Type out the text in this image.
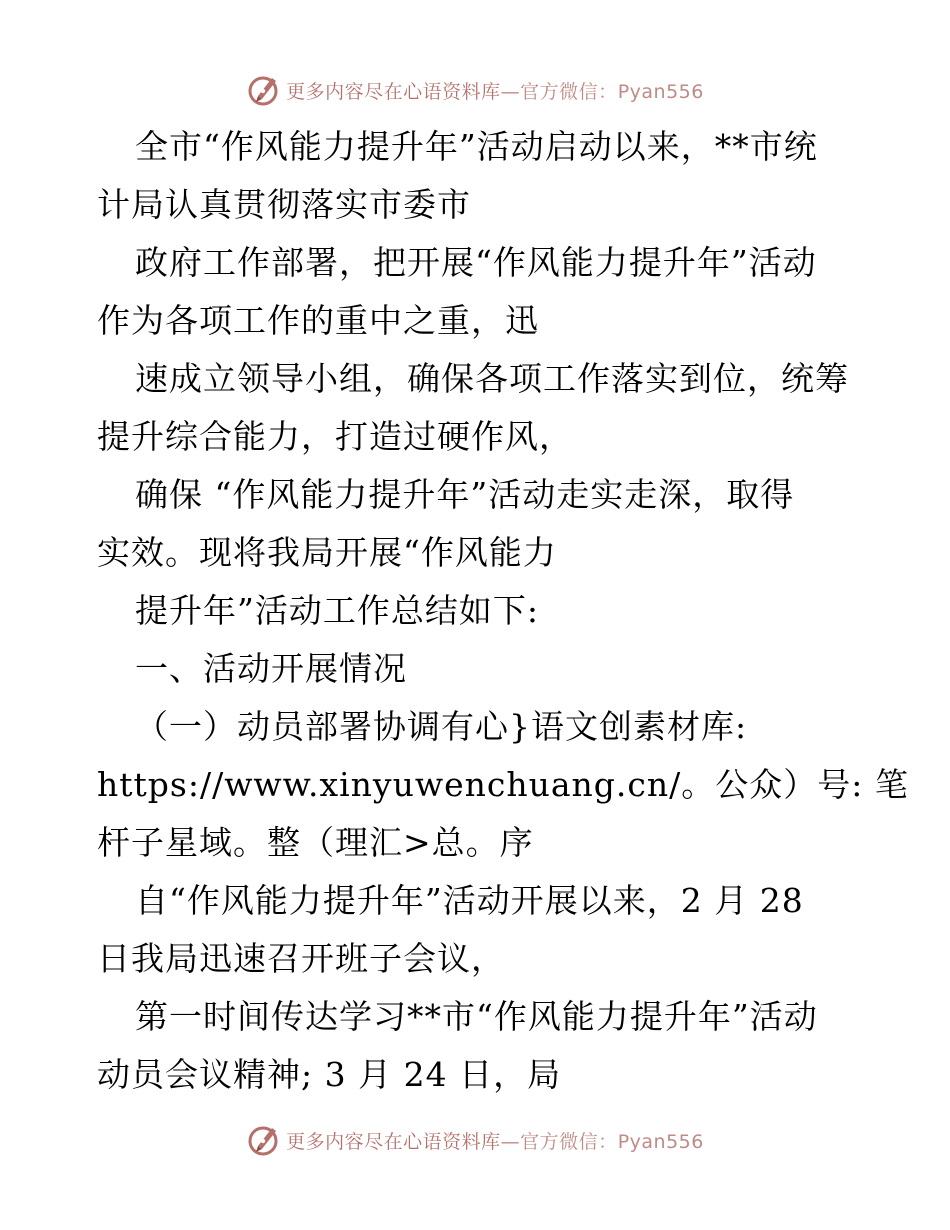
更多内容尽在心语资料库—官方微信：Pyan556
全市“作风能力提升年”活动启动以来，**市统
计局认真贯彻落实市委市
政府工作部署，把开展“作风能力提升年”活动
作为各项工作的重中之重，迅
速成立领导小组，确保各项工作落实到位，统筹
提升综合能力，打造过硬作风，
确保 “作风能力提升年”活动走实走深，取得
实效。现将我局开展“作风能力
提升年”活动工作总结如下:
一、活动开展情况
（一）动员部署协调有心}语文创素材库:
https://www.xinyuwenchuang.cn/。公众）号: 笔
杆子星域。整（理汇>总。序
自“作风能力提升年”活动开展以来，2 月 28
日我局迅速召开班子会议，
第一时间传达学习**市“作风能力提升年”活动
动员会议精神; 3 月 24 日，局
更多内容尽在心语资料库—官方微信：Pyan556
